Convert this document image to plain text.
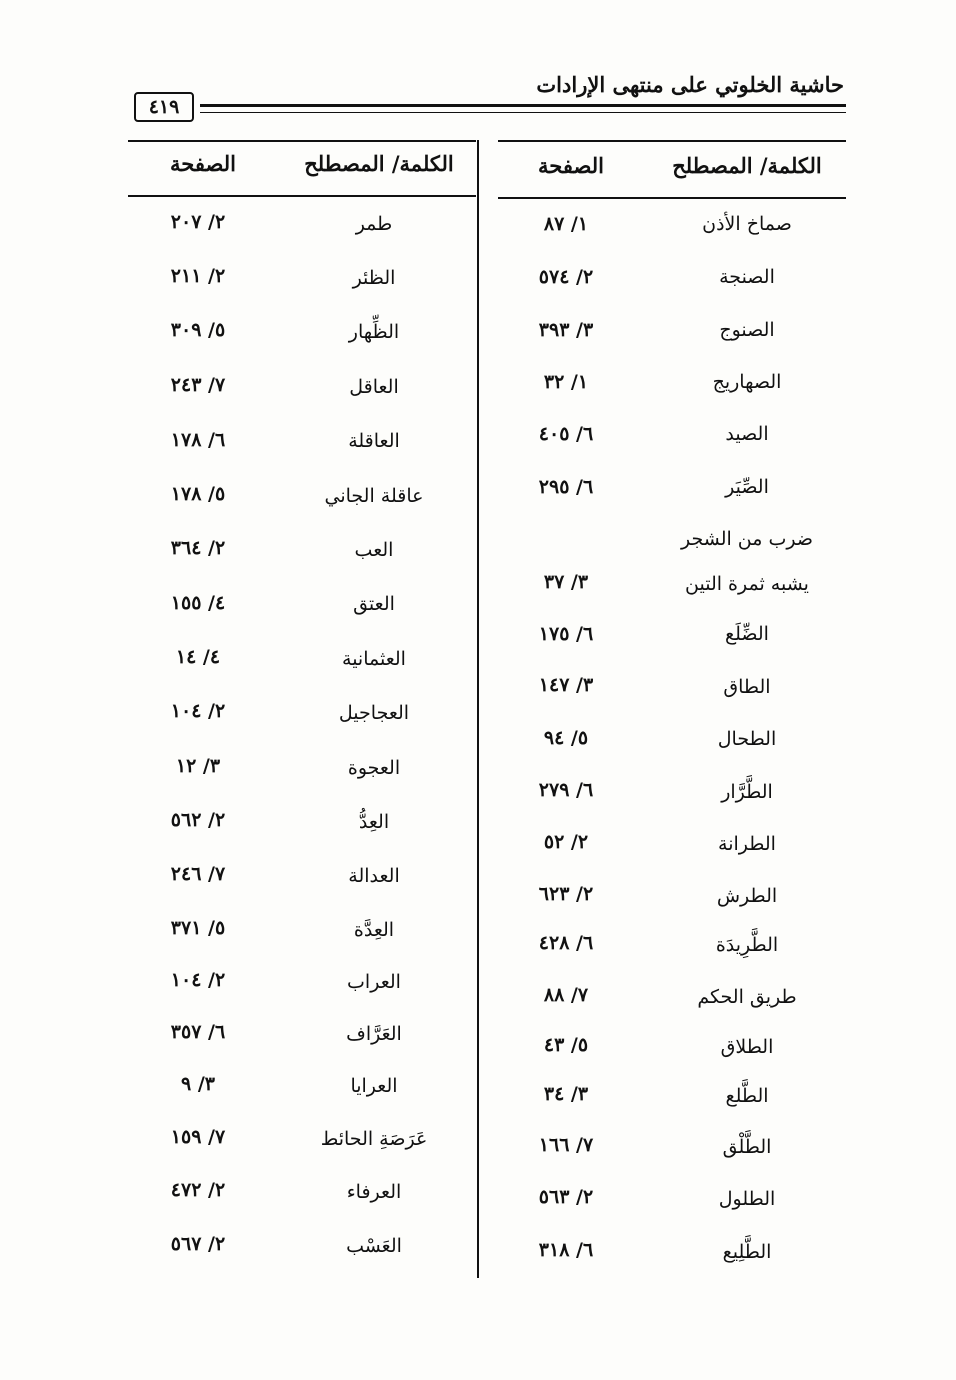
حاشية الخلوتي على منتهى الإرادات
٤١٩
الكلمة/ المصطلح
الصفحة
الكلمة/ المصطلح
الصفحة
صماخ الأذن
١/ ٨٧
الصنجة
٢/ ٥٧٤
الصنوج
٣/ ٣٩٣
الصهاريج
١/ ٣٢
الصيد
٦/ ٤٠٥
الصِّيَر
٦/ ٢٩٥
ضرب من الشجر
يشبه ثمرة التين
٣/ ٣٧
الضِّلَع
٦/ ١٧٥
الطاق
٣/ ١٤٧
الطحال
٥/ ٩٤
الطَّرَّار
٦/ ٢٧٩
الطرانة
٢/ ٥٢
الطرش
٢/ ٦٢٣
الطَّرِيدَة
٦/ ٤٢٨
طريق الحكم
٧/ ٨٨
الطلاق
٥/ ٤٣
الطَّلع
٣/ ٣٤
الطَّلْق
٧/ ١٦٦
الطلول
٢/ ٥٦٣
الطَّلِيع
٦/ ٣١٨
طمر
٢/ ٢٠٧
الظئر
٢/ ٢١١
الظِّهار
٥/ ٣٠٩
العاقل
٧/ ٢٤٣
العاقلة
٦/ ١٧٨
عاقلة الجاني
٥/ ١٧٨
العب
٢/ ٣٦٤
العتق
٤/ ١٥٥
العثمانية
٤/ ١٤
العجاجيل
٢/ ١٠٤
العجوة
٣/ ١٢
العِدُّ
٢/ ٥٦٢
العدالة
٧/ ٢٤٦
العِدَّة
٥/ ٣٧١
العراب
٢/ ١٠٤
العَرَّاف
٦/ ٣٥٧
العرايا
٣/ ٩
عَرَصَةِ الحائط
٧/ ١٥٩
العرفاء
٢/ ٤٧٢
العَسْب
٢/ ٥٦٧
